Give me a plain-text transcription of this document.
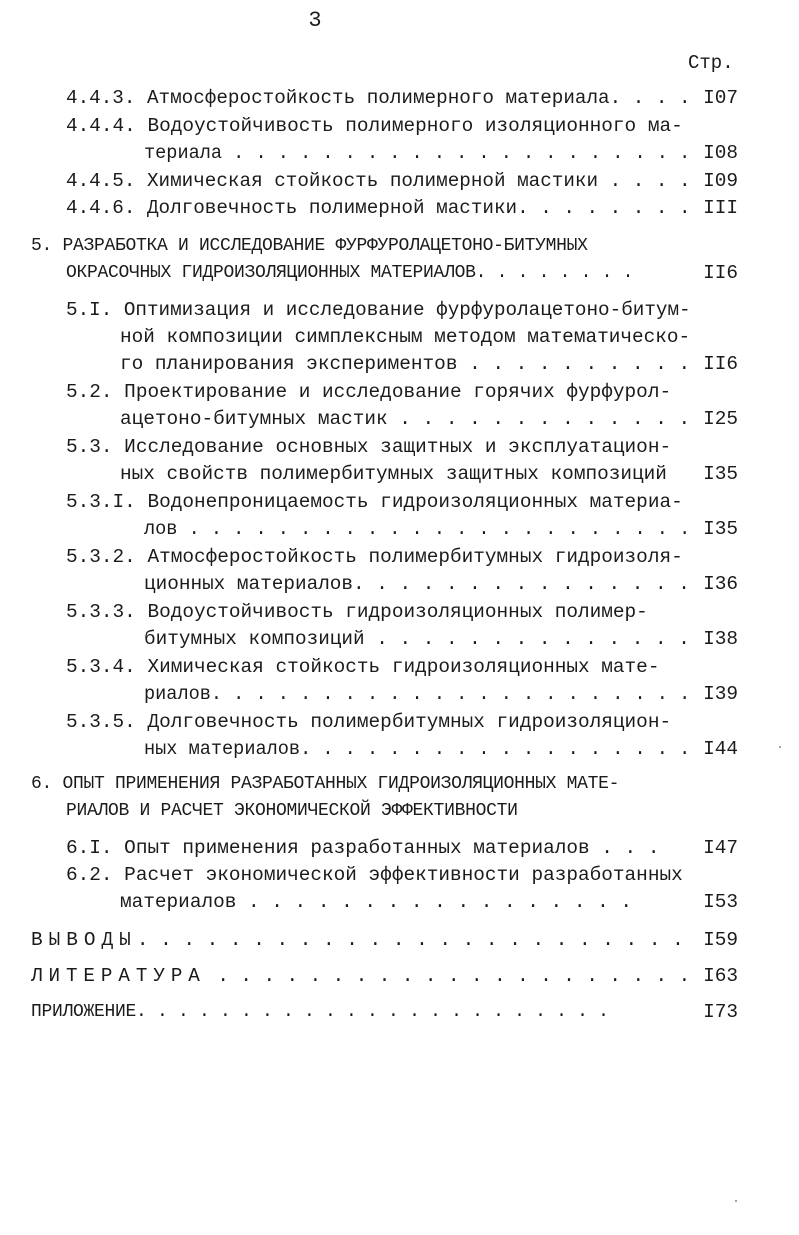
3
Стр.
4.4.3. Атмосферостойкость полимерного материала. . . . I07
4.4.4. Водоустойчивость полимерного изоляционного ма-
териала . . . . . . . . . . . . . . . . . . . . . I08
4.4.5. Химическая стойкость полимерной мастики . . . . I09
4.4.6. Долговечность полимерной мастики. . . . . . . . III
5. РАЗРАБОТКА И ИССЛЕДОВАНИЕ ФУРФУРОЛАЦЕТОНО-БИТУМНЫХ
ОКРАСОЧНЫХ ГИДРОИЗОЛЯЦИОННЫХ МАТЕРИАЛОВ. . . . . . . .	II6
5.I. Оптимизация и исследование фурфуролацетоно-битум-
ной композиции симплексным методом математическо-
го планирования экспериментов . . . . . . . . . . II6
5.2. Проектирование и исследование горячих фурфурол-
ацетоно-битумных мастик . . . . . . . . . . . . . I25
5.3. Исследование основных защитных и эксплуатацион-
ных свойств полимербитумных защитных композиций	I35
5.3.I. Водонепроницаемость гидроизоляционных материа-
лов . . . . . . . . . . . . . . . . . . . . . . . I35
5.3.2. Атмосферостойкость полимербитумных гидроизоля-
ционных материалов. . . . . . . . . . . . . . . I36
5.3.3. Водоустойчивость гидроизоляционных полимер-
битумных композиций . . . . . . . . . . . . . . I38
5.3.4. Химическая стойкость гидроизоляционных мате-
риалов. . . . . . . . . . . . . . . . . . . . . . I39
5.3.5. Долговечность полимербитумных гидроизоляцион-
ных материалов. . . . . . . . . . . . . . . . . . I44
6. ОПЫТ ПРИМЕНЕНИЯ РАЗРАБОТАННЫХ ГИДРОИЗОЛЯЦИОННЫХ МАТЕ-
РИАЛОВ И РАСЧЕТ ЭКОНОМИЧЕСКОЙ ЭФФЕКТИВНОСТИ
6.I. Опыт применения разработанных материалов . . .	I47
6.2. Расчет экономической эффективности разработанных
материалов . . . . . . . . . . . . . . . . .	I53
ВЫВОДЫ. . . . . . . . . . . . . . . . . . . . . . . . I59
ЛИТЕРАТУРА . . . . . . . . . . . . . . . . . . . . . I63
ПРИЛОЖЕНИЕ. . . . . . . . . . . . . . . . . . . . . . .	I73
